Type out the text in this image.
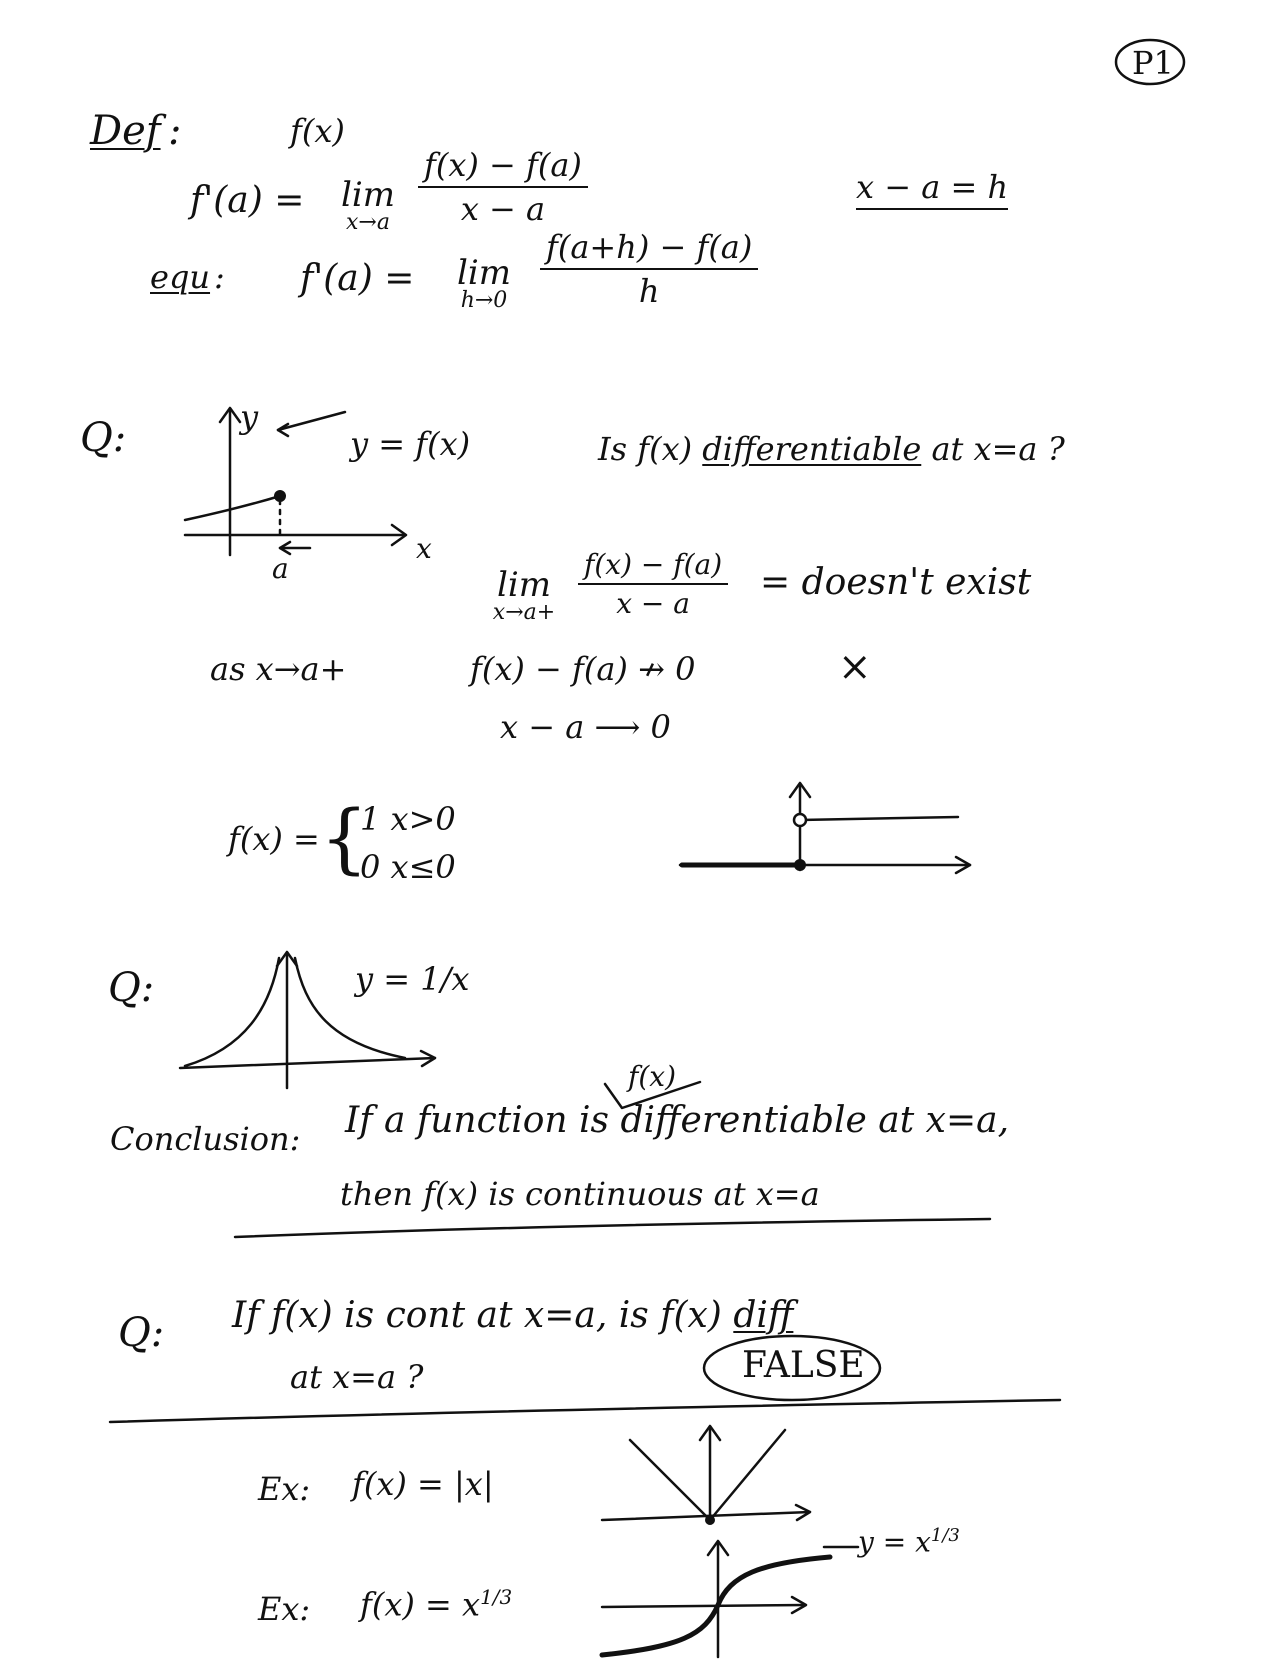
P1
Def :	f(x)
f'(a) =	lim
$x\to a \frac{f(x) - f(a)}{x - a}$	x − a = h
equ : f'(a) =	lim
h→0	$\frac{f(a+h) - f(a)}{h}$
Q:	y
x
a
y = f(x)	Is f(x) differentiable at x=a ?
lim
$x\to a+ \frac{f(x) - f(a)}{x - a}$ = doesn't exist
as x→a+	f(x) − f(a) ↛ 0	×
x − a ⟶ 0
f(x) = {
1 x>0
0 x≤0
Q:	y = 1/x
f(x)
Conclusion: If a function is differentiable at x=a,
then f(x) is continuous at x=a
Q: If f(x) is cont at x=a, is f(x) diff
at x=a ?	FALSE
Ex: f(x) = |x|
Ex: $f(x) = x^{1/3}$
$y = x^{1/3}$
